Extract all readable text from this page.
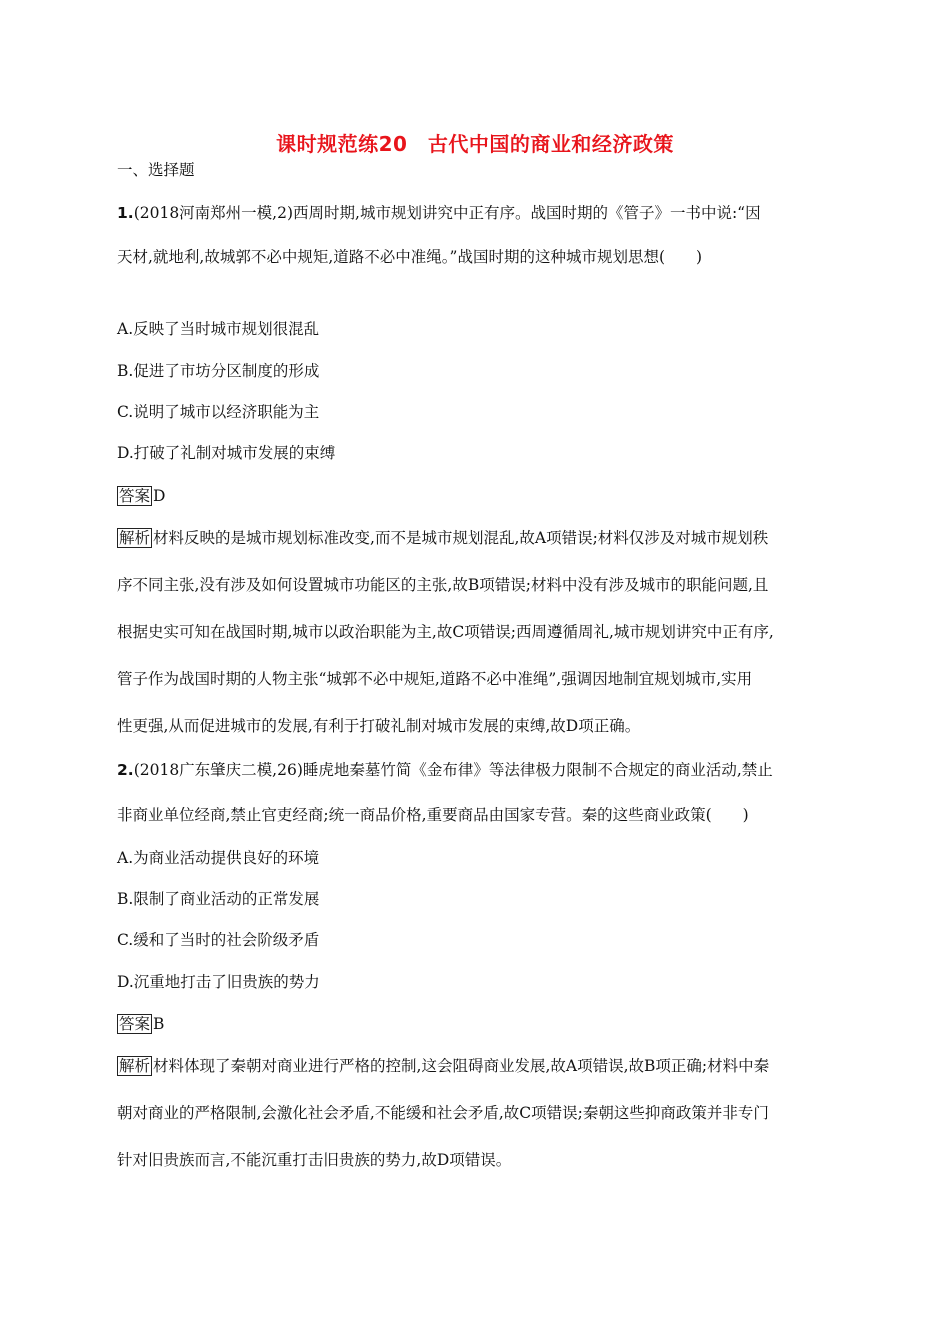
课时规范练20　古代中国的商业和经济政策
一、选择题
1.(2018河南郑州一模,2)西周时期,城市规划讲究中正有序。战国时期的《管子》一书中说:“因
天材,就地利,故城郭不必中规矩,道路不必中准绳。”战国时期的这种城市规划思想(　　)
A.反映了当时城市规划很混乱
B.促进了市坊分区制度的形成
C.说明了城市以经济职能为主
D.打破了礼制对城市发展的束缚
答案 D
解析 材料反映的是城市规划标准改变,而不是城市规划混乱,故A项错误;材料仅涉及对城市规划秩
序不同主张,没有涉及如何设置城市功能区的主张,故B项错误;材料中没有涉及城市的职能问题,且
根据史实可知在战国时期,城市以政治职能为主,故C项错误;西周遵循周礼,城市规划讲究中正有序,
管子作为战国时期的人物主张“城郭不必中规矩,道路不必中准绳”,强调因地制宜规划城市,实用
性更强,从而促进城市的发展,有利于打破礼制对城市发展的束缚,故D项正确。
2.(2018广东肇庆二模,26)睡虎地秦墓竹简《金布律》等法律极力限制不合规定的商业活动,禁止
非商业单位经商,禁止官吏经商;统一商品价格,重要商品由国家专营。秦的这些商业政策(　　)
A.为商业活动提供良好的环境
B.限制了商业活动的正常发展
C.缓和了当时的社会阶级矛盾
D.沉重地打击了旧贵族的势力
答案 B
解析 材料体现了秦朝对商业进行严格的控制,这会阻碍商业发展,故A项错误,故B项正确;材料中秦
朝对商业的严格限制,会激化社会矛盾,不能缓和社会矛盾,故C项错误;秦朝这些抑商政策并非专门
针对旧贵族而言,不能沉重打击旧贵族的势力,故D项错误。
